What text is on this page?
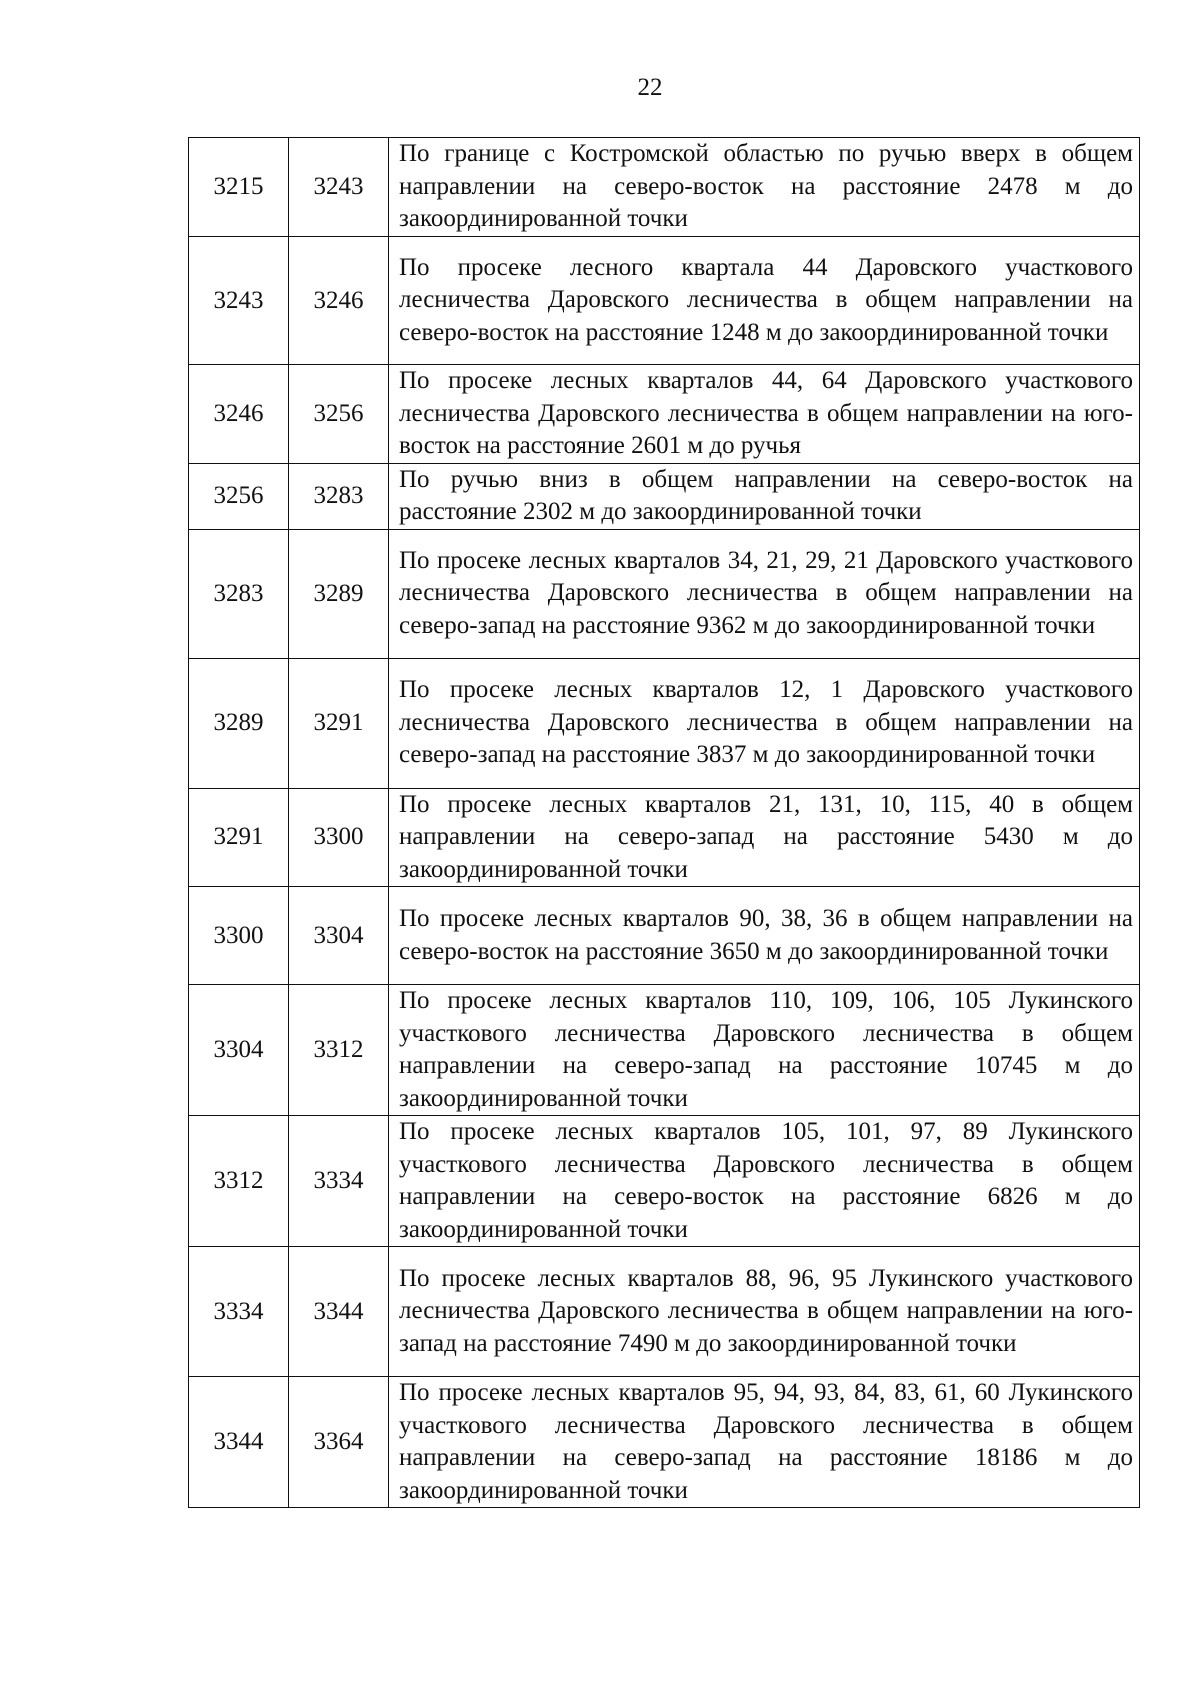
22
3215	3243	По границе с Костромской областью по ручью вверх в общем направлении на северо-восток на расстояние 2478 м до закоординированной точки
3243	3246	По просеке лесного квартала 44 Даровского участкового лесничества Даровского лесничества в общем направлении на северо-восток на расстояние 1248 м до закоординированной точки
3246	3256	По просеке лесных кварталов 44, 64 Даровского участкового лесничества Даровского лесничества в общем направлении на юго-восток на расстояние 2601 м до ручья
3256	3283	По ручью вниз в общем направлении на северо-восток на расстояние 2302 м до закоординированной точки
3283	3289	По просеке лесных кварталов 34, 21, 29, 21 Даровского участкового лесничества Даровского лесничества в общем направлении на северо-запад на расстояние 9362 м до закоординированной точки
3289	3291	По просеке лесных кварталов 12, 1 Даровского участкового лесничества Даровского лесничества в общем направлении на северо-запад на расстояние 3837 м до закоординированной точки
3291	3300	По просеке лесных кварталов 21, 131, 10, 115, 40 в общем направлении на северо-запад на расстояние 5430 м до закоординированной точки
3300	3304	По просеке лесных кварталов 90, 38, 36 в общем направлении на северо-восток на расстояние 3650 м до закоординированной точки
3304	3312	По просеке лесных кварталов 110, 109, 106, 105 Лукинского участкового лесничества Даровского лесничества в общем направлении на северо-запад на расстояние 10745 м до закоординированной точки
3312	3334	По просеке лесных кварталов 105, 101, 97, 89 Лукинского участкового лесничества Даровского лесничества в общем направлении на северо-восток на расстояние 6826 м до закоординированной точки
3334	3344	По просеке лесных кварталов 88, 96, 95 Лукинского участкового лесничества Даровского лесничества в общем направлении на юго-запад на расстояние 7490 м до закоординированной точки
3344	3364	По просеке лесных кварталов 95, 94, 93, 84, 83, 61, 60 Лукинского участкового лесничества Даровского лесничества в общем направлении на северо-запад на расстояние 18186 м до закоординированной точки
